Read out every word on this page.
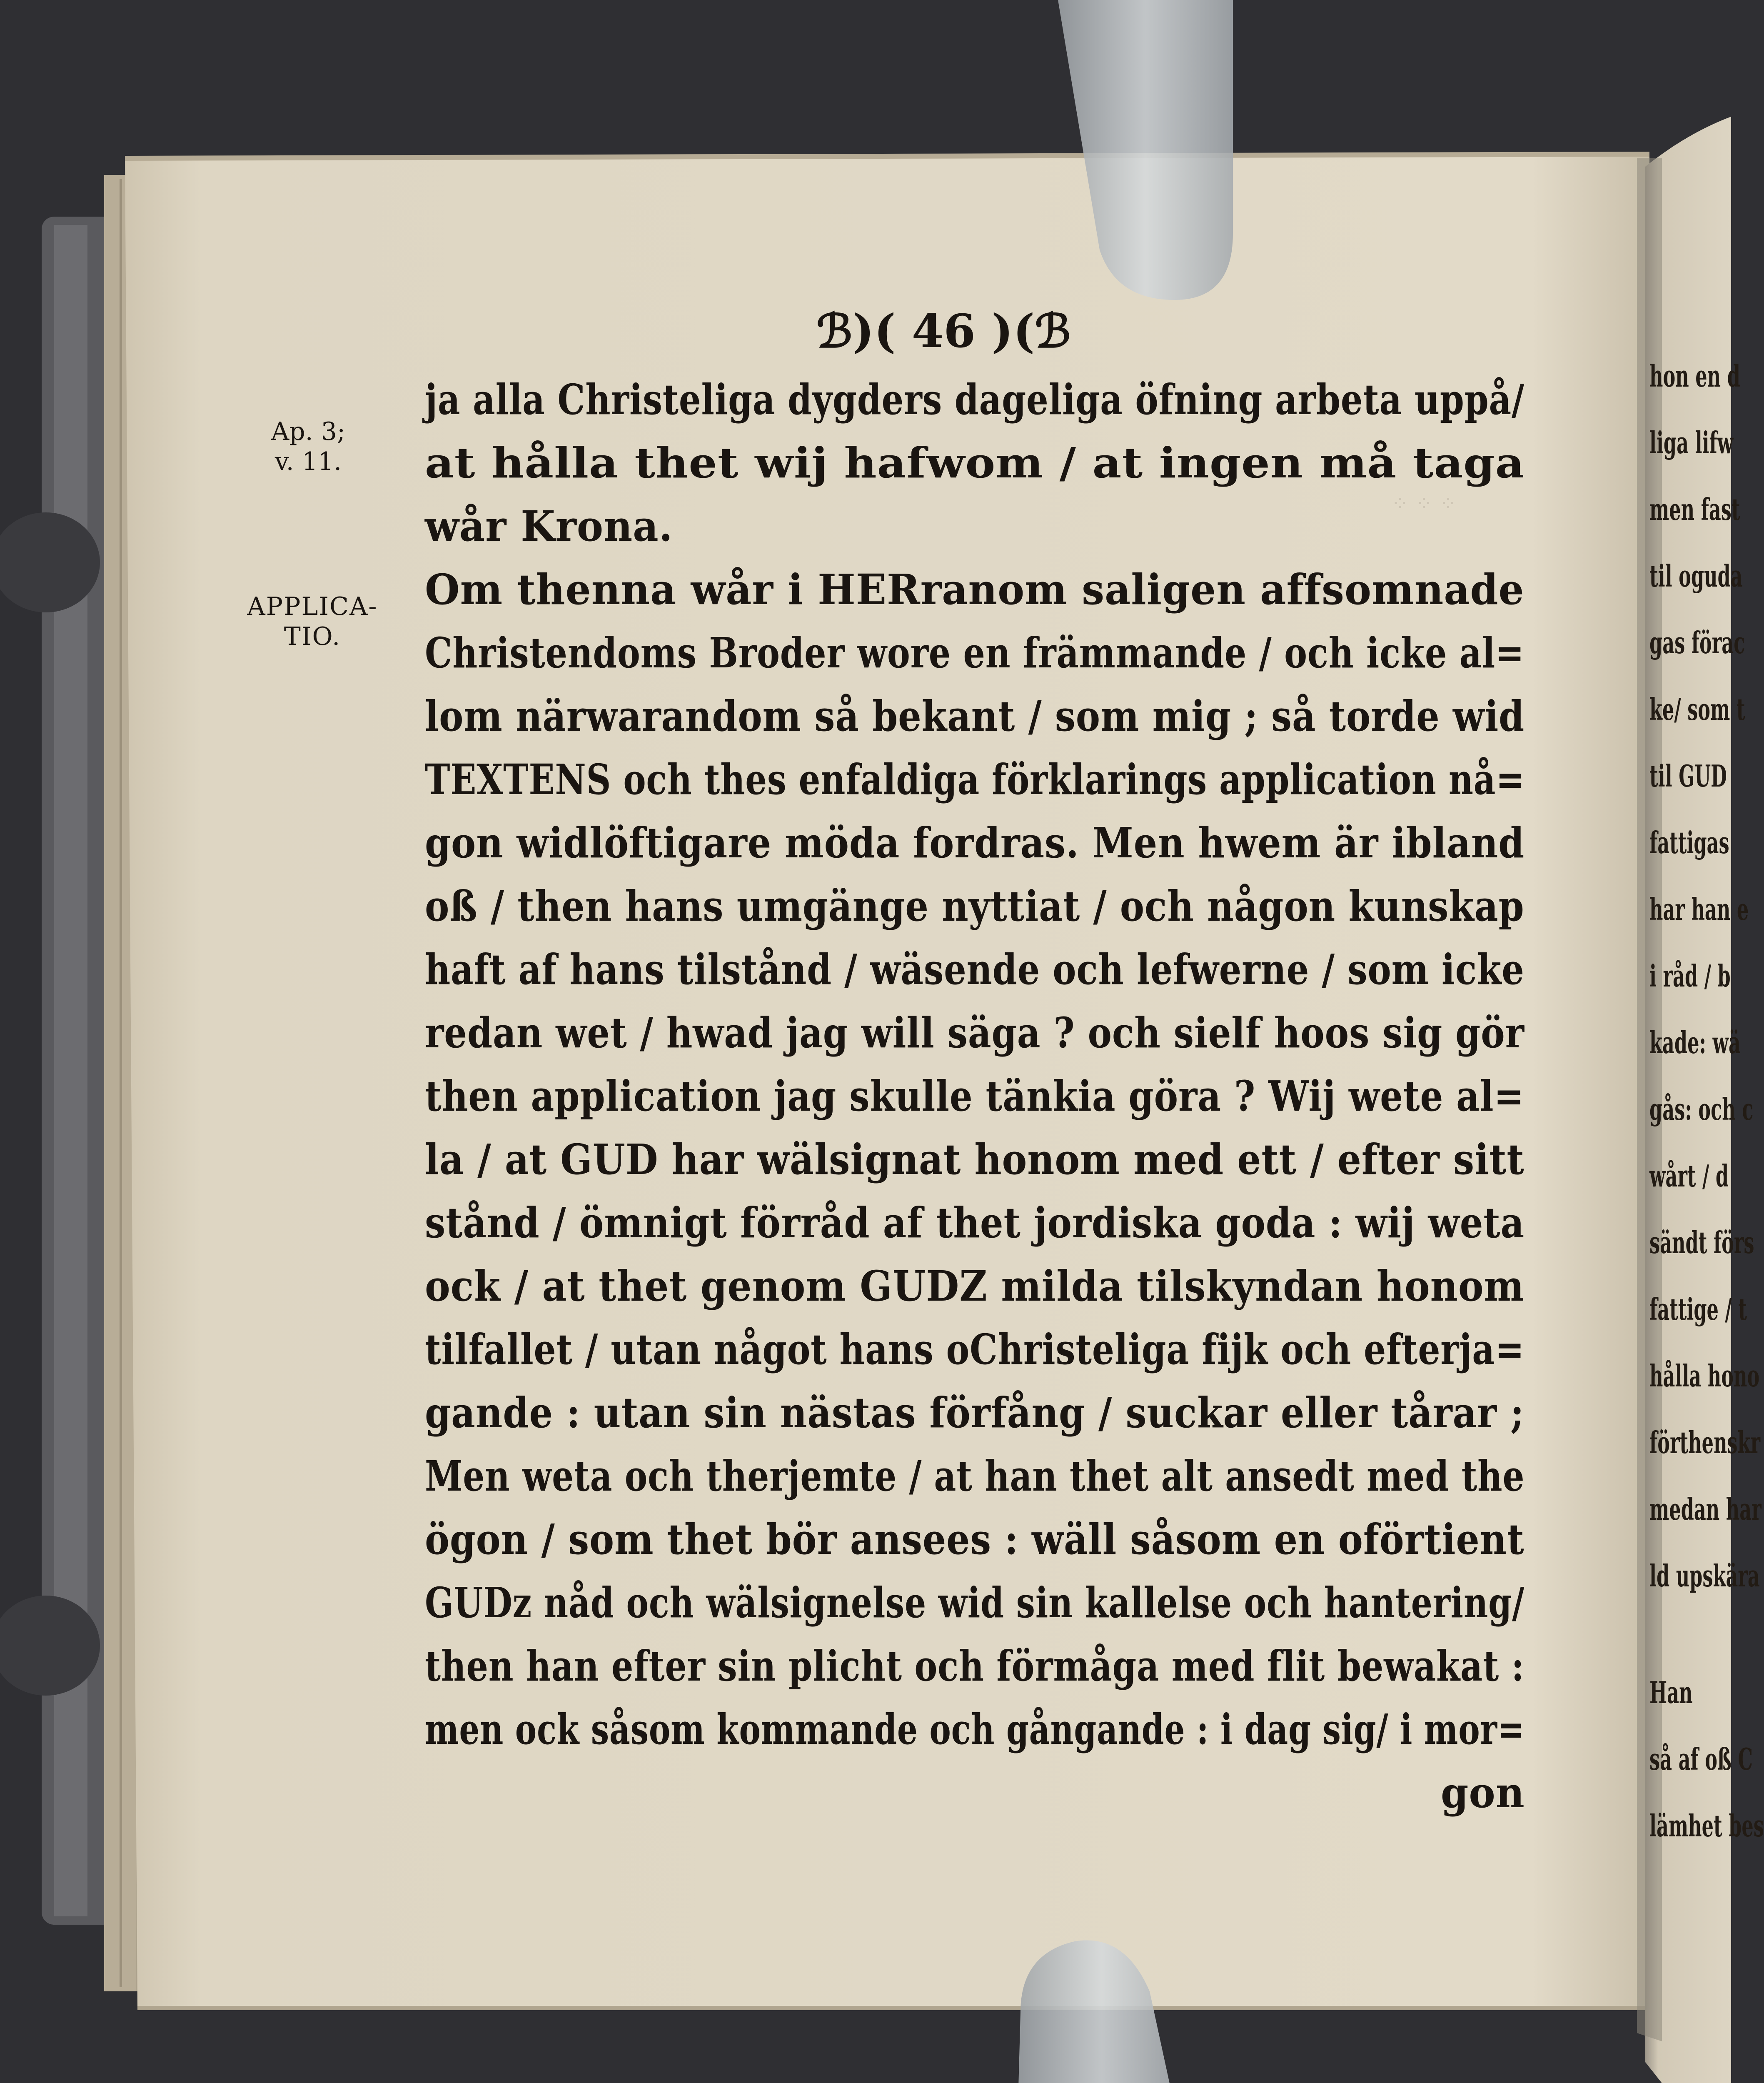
⁘ ⁘ ⁘
ℬ)( 46 )(ℬ
Ap. 3;
v. 11.
APPLICA-
TIO.
ja alla Christeliga dygders dageliga öfning arbeta uppå/
at hålla thet wij hafwom / at ingen må taga
wår Krona.
Om thenna wår i HERranom saligen affsomnade
Christendoms Broder wore en främmande / och icke al=
lom närwarandom så bekant / som mig ; så torde wid
TEXTENS och thes enfaldiga förklarings application nå=
gon widlöftigare möda fordras. Men hwem är ibland
oß / then hans umgänge nyttiat / och någon kunskap
haft af hans tilstånd / wäsende och lefwerne / som icke
redan wet / hwad jag will säga ? och sielf hoos sig gör
then application jag skulle tänkia göra ? Wij wete al=
la / at GUD har wälsignat honom med ett / efter sitt
stånd / ömnigt förråd af thet jordiska goda : wij weta
ock / at thet genom GUDZ milda tilskyndan honom
tilfallet / utan något hans oChristeliga fijk och efterja=
gande : utan sin nästas förfång / suckar eller tårar ;
Men weta och therjemte / at han thet alt ansedt med the
ögon / som thet bör ansees : wäll såsom en oförtient
GUDz nåd och wälsignelse wid sin kallelse och hantering/
then han efter sin plicht och förmåga med flit bewakat :
men ock såsom kommande och gångande : i dag sig/ i mor=
gon
hon en d
liga lifw
men fast
til oguda
gas förac
ke/ som t
til GUD
fattigas
har han e
i råd / b
kade: wä
gås: och c
wårt / d
sändt förs
fattige / t
hålla hono
förthenskr
medan har
ld upskära
Han
så af oß C
lämhet bes
